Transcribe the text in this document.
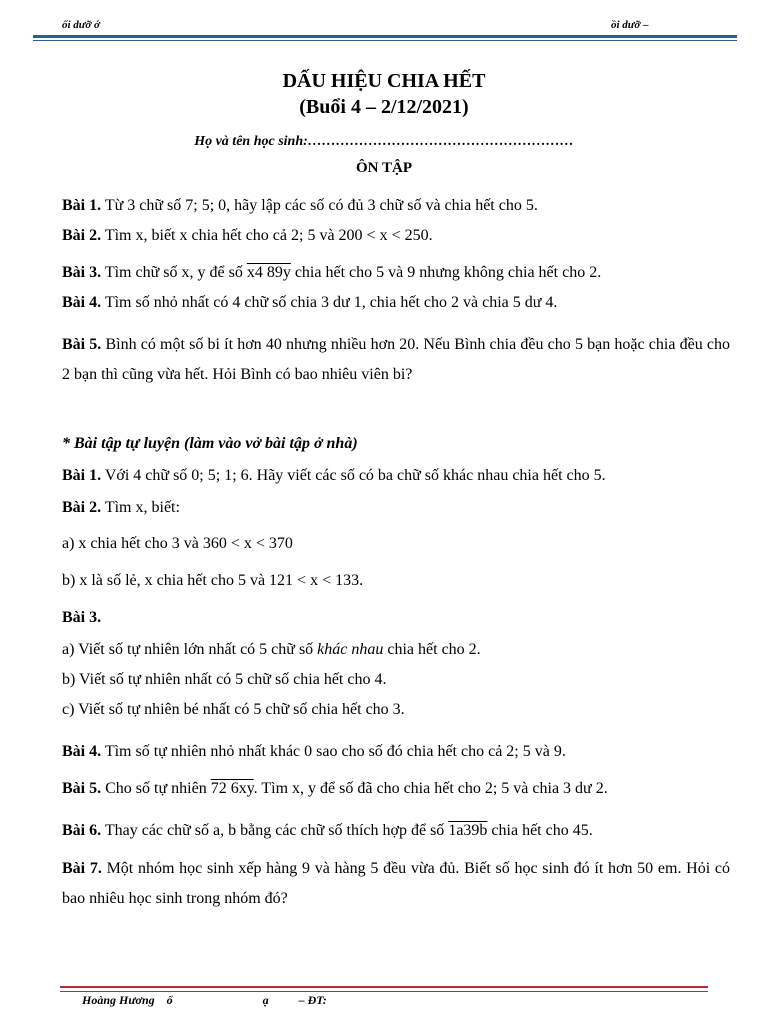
ổi dưỡ ớ	ồi dưỡ –
DẤU HIỆU CHIA HẾT
(Buổi 4 – 2/12/2021)
Họ và tên học sinh:…………………………………………………
ÔN TẬP
Bài 1. Từ 3 chữ số 7; 5; 0, hãy lập các số có đủ 3 chữ số và chia hết cho 5.
Bài 2. Tìm x, biết x chia hết cho cả 2; 5 và 200 < x < 250.
Bài 3. Tìm chữ số x, y để số x4 89y chia hết cho 5 và 9 nhưng không chia hết cho 2.
Bài 4. Tìm số nhỏ nhất có 4 chữ số chia 3 dư 1, chia hết cho 2 và chia 5 dư 4.
Bài 5. Bình có một số bi ít hơn 40 nhưng nhiều hơn 20. Nếu Bình chia đều cho 5 bạn hoặc chia đều cho 2 bạn thì cũng vừa hết. Hỏi Bình có bao nhiêu viên bi?
* Bài tập tự luyện (làm vào vở bài tập ở nhà)
Bài 1. Với 4 chữ số 0; 5; 1; 6. Hãy viết các số có ba chữ số khác nhau chia hết cho 5.
Bài 2. Tìm x, biết:
a) x chia hết cho 3 và 360 < x < 370
b) x là số lẻ, x chia hết cho 5 và 121 < x < 133.
Bài 3.
a) Viết số tự nhiên lớn nhất có 5 chữ số khác nhau chia hết cho 2.
b) Viết số tự nhiên nhất có 5 chữ số chia hết cho 4.
c) Viết số tự nhiên bé nhất có 5 chữ số chia hết cho 3.
Bài 4. Tìm số tự nhiên nhỏ nhất khác 0 sao cho số đó chia hết cho cả 2; 5 và 9.
Bài 5. Cho số tự nhiên 72 6xy. Tìm x, y để số đã cho chia hết cho 2; 5 và chia 3 dư 2.
Bài 6. Thay các chữ số a, b bằng các chữ số thích hợp để số 1a39b chia hết cho 45.
Bài 7. Một nhóm học sinh xếp hàng 9 và hàng 5 đều vừa đủ. Biết số học sinh đó ít hơn 50 em. Hỏi có bao nhiêu học sinh trong nhóm đó?
Hoàng Hương    ổ                              ạ          – ĐT:
